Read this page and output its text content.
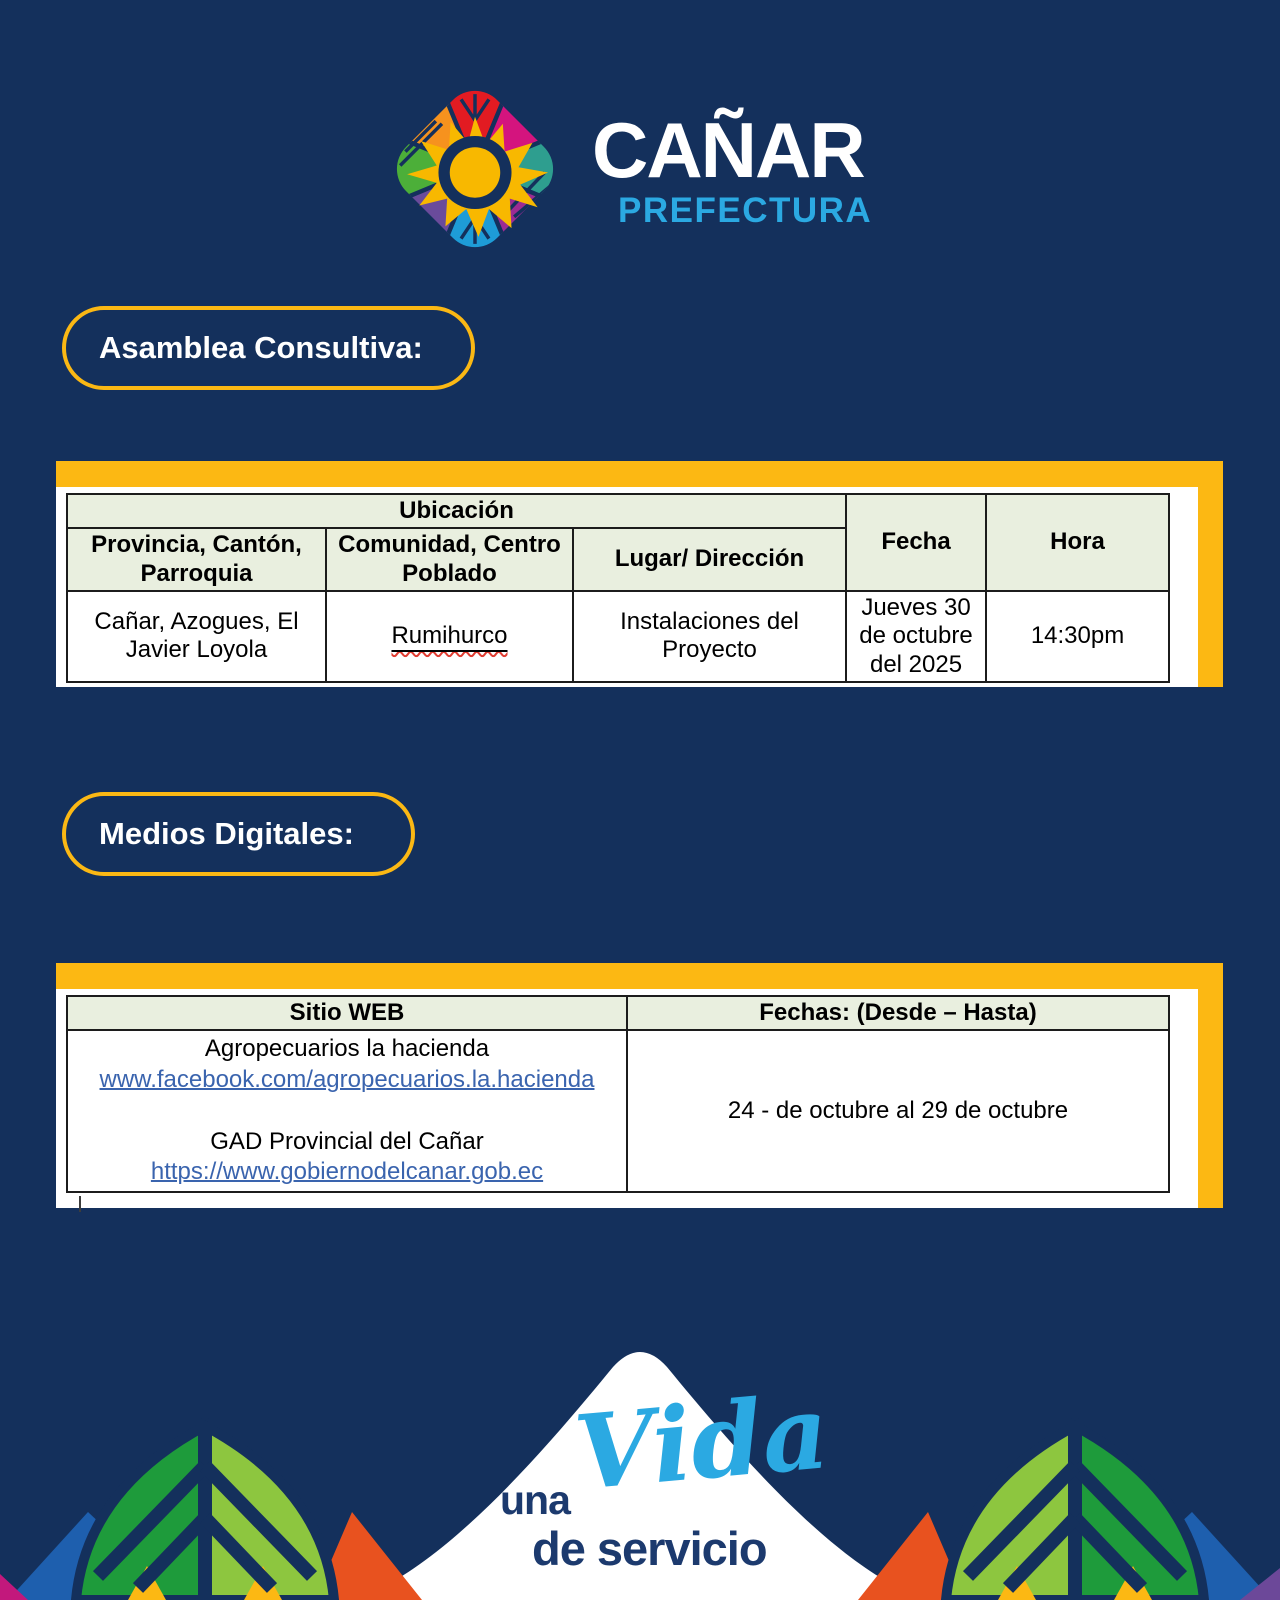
CAÑAR
PREFECTURA
Asamblea Consultiva:
Ubicación			Fecha	Hora
Provincia, Cantón, Parroquia	Comunidad, Centro Poblado	Lugar/ Dirección		
Cañar, Azogues, El Javier Loyola	Rumihurco	Instalaciones del Proyecto	Jueves 30 de octubre del 2025	14:30pm
Medios Digitales:
Sitio WEB	Fechas: (Desde – Hasta)

Agropecuarios la hacienda
www.facebook.com/agropecuarios.la.hacienda
GAD Provincial del Cañar
https://www.gobiernodelcanar.gob.ec	24 - de octubre al 29 de octubre
una Vida
de servicio
